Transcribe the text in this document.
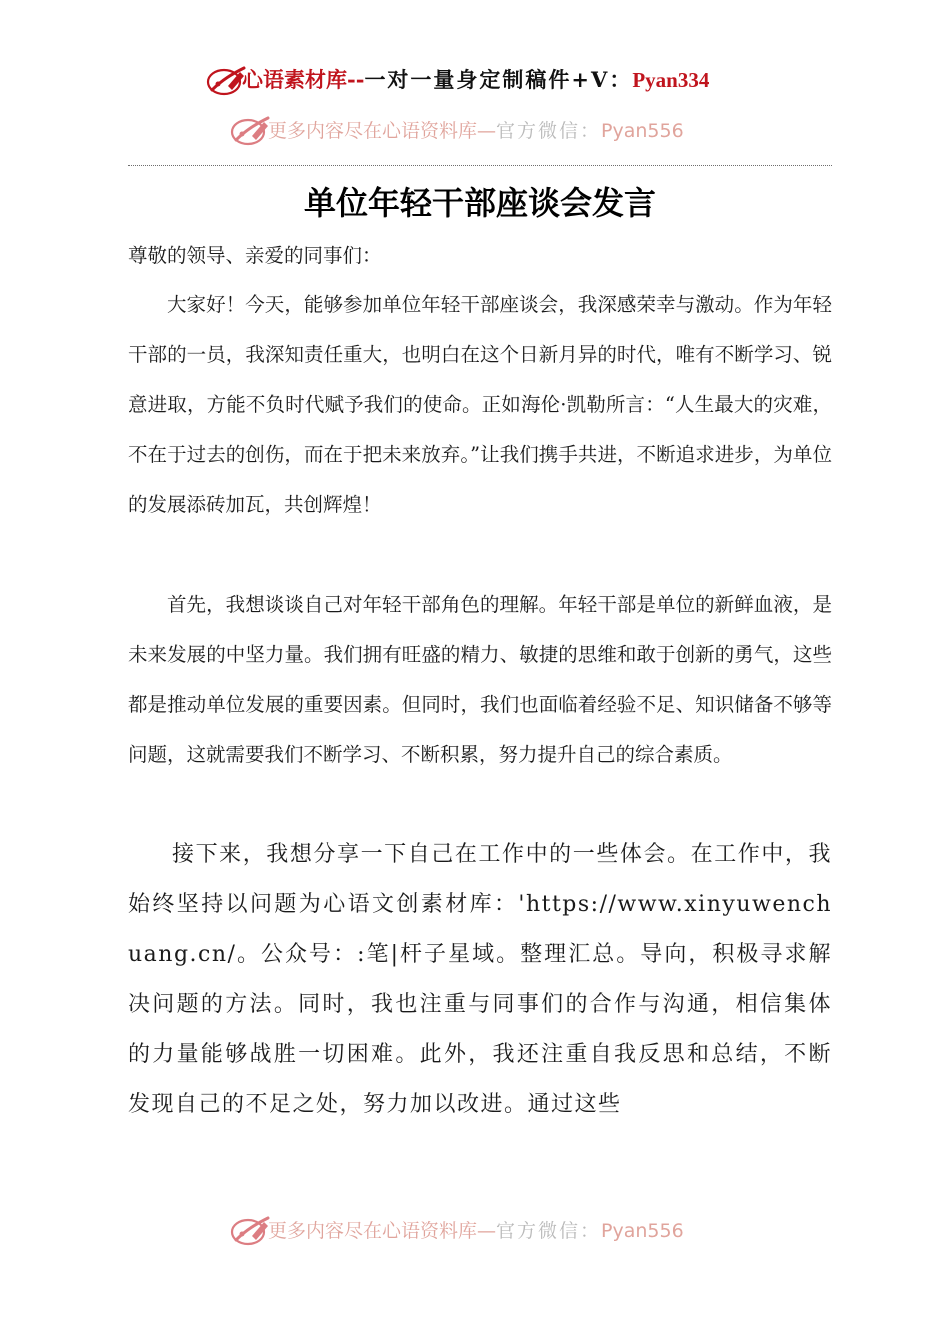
心语素材库--一对一量身定制稿件+V：Pyan334
更多内容尽在心语资料库—官方微信：Pyan556
单位年轻干部座谈会发言
尊敬的领导、亲爱的同事们：
大家好！今天，能够参加单位年轻干部座谈会，我深感荣幸与激动。作为年轻干部的一员，我深知责任重大，也明白在这个日新月异的时代，唯有不断学习、锐意进取，方能不负时代赋予我们的使命。正如海伦·凯勒所言：“人生最大的灾难，不在于过去的创伤，而在于把未来放弃。”让我们携手共进，不断追求进步，为单位的发展添砖加瓦，共创辉煌！
首先，我想谈谈自己对年轻干部角色的理解。年轻干部是单位的新鲜血液，是未来发展的中坚力量。我们拥有旺盛的精力、敏捷的思维和敢于创新的勇气，这些都是推动单位发展的重要因素。但同时，我们也面临着经验不足、知识储备不够等问题，这就需要我们不断学习、不断积累，努力提升自己的综合素质。
接下来，我想分享一下自己在工作中的一些体会。在工作中，我始终坚持以问题为心语文创素材库：'https://www.xinyuwenchuang.cn/。公众号：:笔|杆子星域。整理汇总。导向，积极寻求解决问题的方法。同时，我也注重与同事们的合作与沟通，相信集体的力量能够战胜一切困难。此外，我还注重自我反思和总结，不断发现自己的不足之处，努力加以改进。通过这些
更多内容尽在心语资料库—官方微信：Pyan556
